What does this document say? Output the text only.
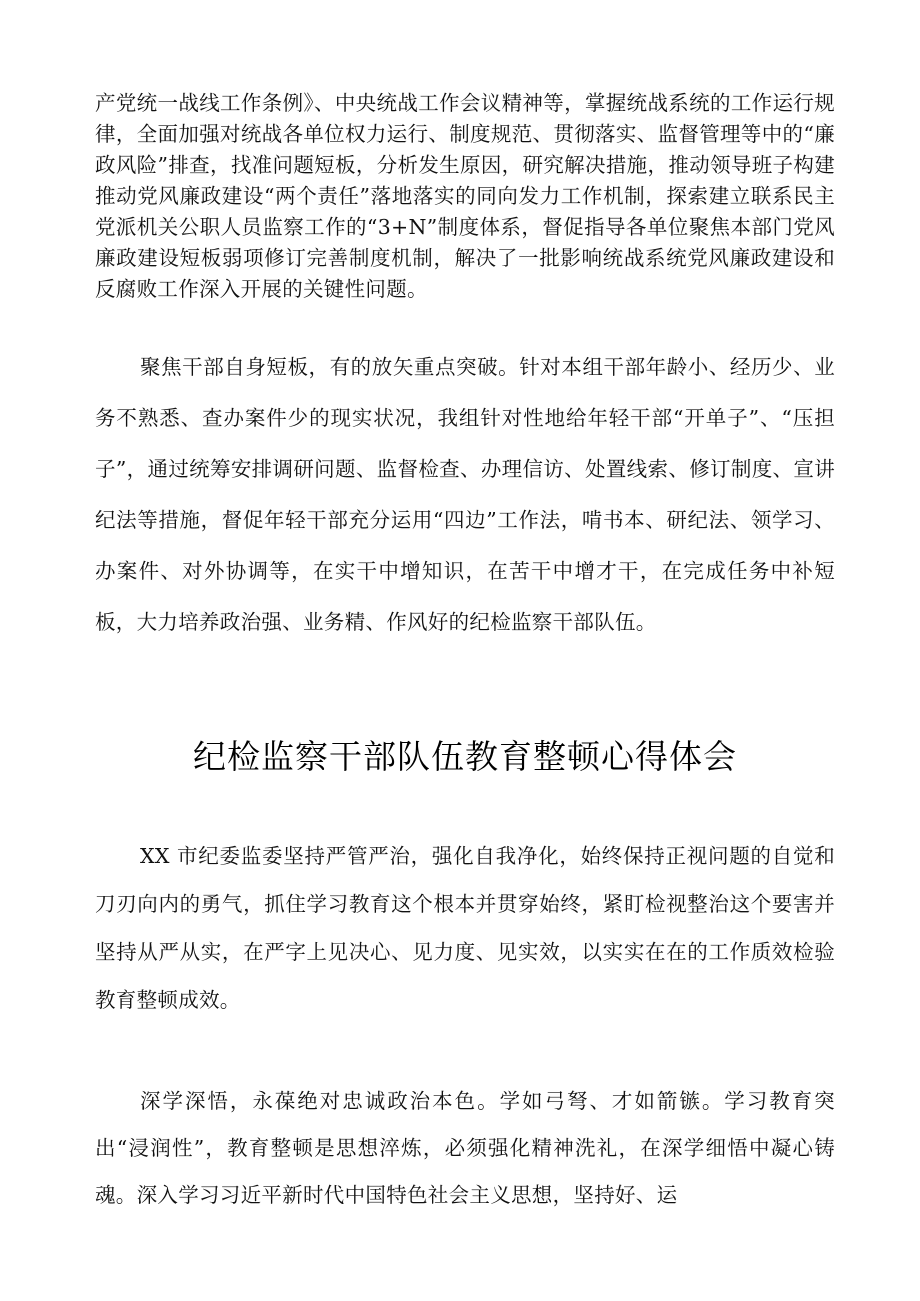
产党统一战线工作条例》、中央统战工作会议精神等，掌握统战系统的工作运行规律，全面加强对统战各单位权力运行、制度规范、贯彻落实、监督管理等中的“廉政风险”排查，找准问题短板，分析发生原因，研究解决措施，推动领导班子构建推动党风廉政建设“两个责任”落地落实的同向发力工作机制，探索建立联系民主党派机关公职人员监察工作的“3+N”制度体系，督促指导各单位聚焦本部门党风廉政建设短板弱项修订完善制度机制，解决了一批影响统战系统党风廉政建设和反腐败工作深入开展的关键性问题。

聚焦干部自身短板，有的放矢重点突破。针对本组干部年龄小、经历少、业务不熟悉、查办案件少的现实状况，我组针对性地给年轻干部“开单子”、“压担子”，通过统筹安排调研问题、监督检查、办理信访、处置线索、修订制度、宣讲纪法等措施，督促年轻干部充分运用“四边”工作法，啃书本、研纪法、领学习、办案件、对外协调等，在实干中增知识，在苦干中增才干，在完成任务中补短板，大力培养政治强、业务精、作风好的纪检监察干部队伍。

纪检监察干部队伍教育整顿心得体会

XX 市纪委监委坚持严管严治，强化自我净化，始终保持正视问题的自觉和刀刃向内的勇气，抓住学习教育这个根本并贯穿始终，紧盯检视整治这个要害并坚持从严从实，在严字上见决心、见力度、见实效，以实实在在的工作质效检验教育整顿成效。

深学深悟，永葆绝对忠诚政治本色。学如弓弩、才如箭镞。学习教育突出“浸润性”，教育整顿是思想淬炼，必须强化精神洗礼，在深学细悟中凝心铸魂。深入学习习近平新时代中国特色社会主义思想，坚持好、运
